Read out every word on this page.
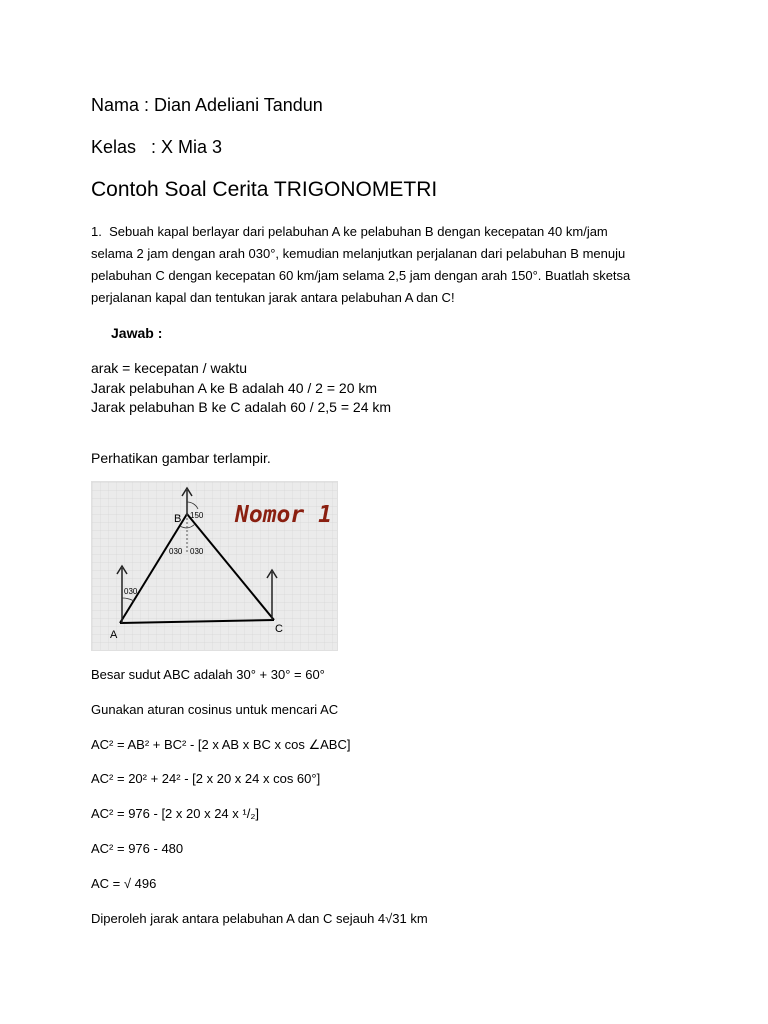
Nama : Dian Adeliani Tandun
Kelas   : X Mia 3
Contoh Soal Cerita TRIGONOMETRI
1.  Sebuah kapal berlayar dari pelabuhan A ke pelabuhan B dengan kecepatan 40 km/jam
selama 2 jam dengan arah 030°, kemudian melanjutkan perjalanan dari pelabuhan B menuju
pelabuhan C dengan kecepatan 60 km/jam selama 2,5 jam dengan arah 150°. Buatlah sketsa
perjalanan kapal dan tentukan jarak antara pelabuhan A dan C!
Jawab :
arak = kecepatan / waktu
Jarak pelabuhan A ke B adalah 40 / 2 = 20 km
Jarak pelabuhan B ke C adalah 60 / 2,5 = 24 km
Perhatikan gambar terlampir.
A
B
C
030
150
030 030
Nomor 1
Besar sudut ABC adalah 30° + 30° = 60°
Gunakan aturan cosinus untuk mencari AC
AC² = AB² + BC² - [2 x AB x BC x cos ∠ABC]
AC² = 20² + 24² - [2 x 20 x 24 x cos 60°]
AC² = 976 - [2 x 20 x 24 x ¹/₂]
AC² = 976 - 480
AC = √ 496
Diperoleh jarak antara pelabuhan A dan C sejauh 4√31 km
